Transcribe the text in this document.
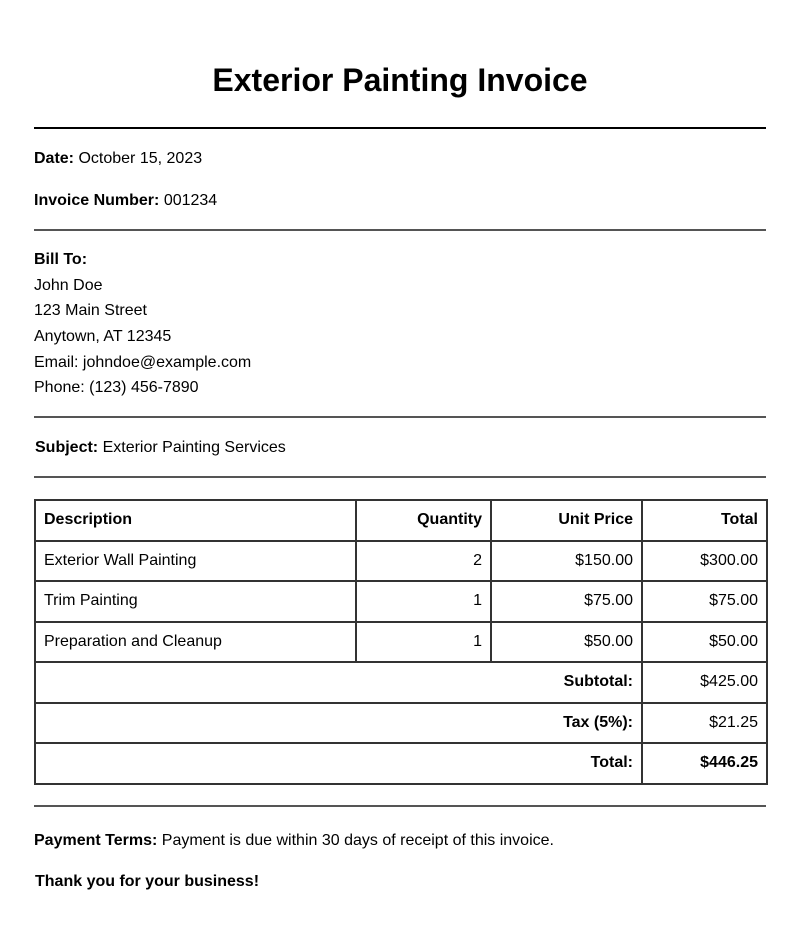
Exterior Painting Invoice
Date: October 15, 2023
Invoice Number: 001234
Bill To:
John Doe
123 Main Street
Anytown, AT 12345
Email: johndoe@example.com
Phone: (123) 456-7890
Subject: Exterior Painting Services
Description	Quantity	Unit Price	Total
Exterior Wall Painting	2	$150.00	$300.00
Trim Painting	1	$75.00	$75.00
Preparation and Cleanup	1	$50.00	$50.00
Subtotal:			$425.00
Tax (5%):			$21.25
Total:			$446.25
Payment Terms: Payment is due within 30 days of receipt of this invoice.
Thank you for your business!
